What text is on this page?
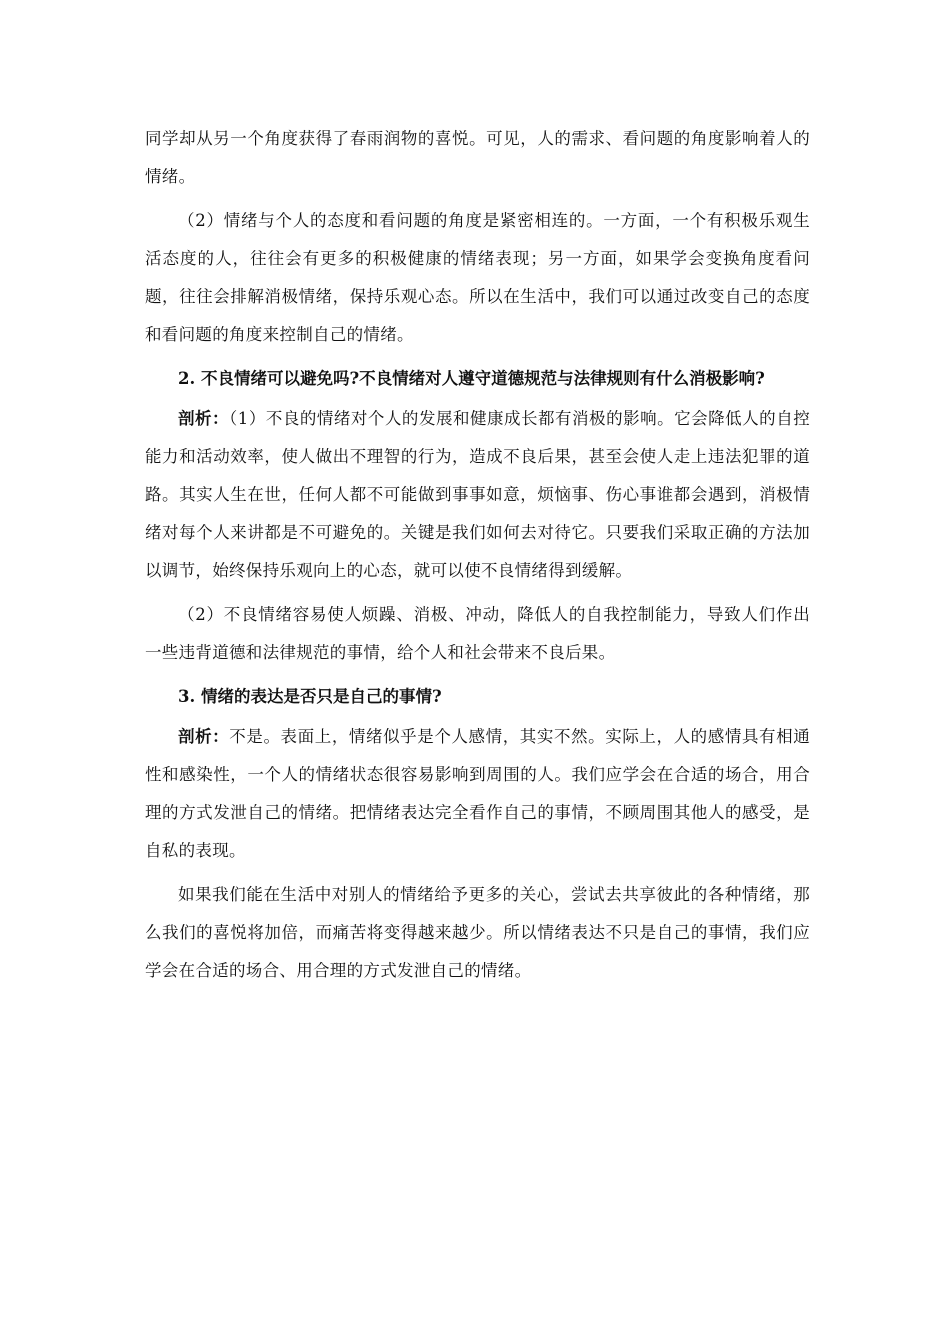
同学却从另一个角度获得了春雨润物的喜悦。可见，人的需求、看问题的角度影响着人的情绪。

（2）情绪与个人的态度和看问题的角度是紧密相连的。一方面，一个有积极乐观生活态度的人，往往会有更多的积极健康的情绪表现；另一方面，如果学会变换角度看问题，往往会排解消极情绪，保持乐观心态。所以在生活中，我们可以通过改变自己的态度和看问题的角度来控制自己的情绪。

2. 不良情绪可以避免吗?不良情绪对人遵守道德规范与法律规则有什么消极影响?

剖析：（1）不良的情绪对个人的发展和健康成长都有消极的影响。它会降低人的自控能力和活动效率，使人做出不理智的行为，造成不良后果，甚至会使人走上违法犯罪的道路。其实人生在世，任何人都不可能做到事事如意，烦恼事、伤心事谁都会遇到，消极情绪对每个人来讲都是不可避免的。关键是我们如何去对待它。只要我们采取正确的方法加以调节，始终保持乐观向上的心态，就可以使不良情绪得到缓解。

（2）不良情绪容易使人烦躁、消极、冲动，降低人的自我控制能力，导致人们作出一些违背道德和法律规范的事情，给个人和社会带来不良后果。

3. 情绪的表达是否只是自己的事情?

剖析：不是。表面上，情绪似乎是个人感情，其实不然。实际上，人的感情具有相通性和感染性，一个人的情绪状态很容易影响到周围的人。我们应学会在合适的场合，用合理的方式发泄自己的情绪。把情绪表达完全看作自己的事情，不顾周围其他人的感受，是自私的表现。

如果我们能在生活中对别人的情绪给予更多的关心，尝试去共享彼此的各种情绪，那么我们的喜悦将加倍，而痛苦将变得越来越少。所以情绪表达不只是自己的事情，我们应学会在合适的场合、用合理的方式发泄自己的情绪。
